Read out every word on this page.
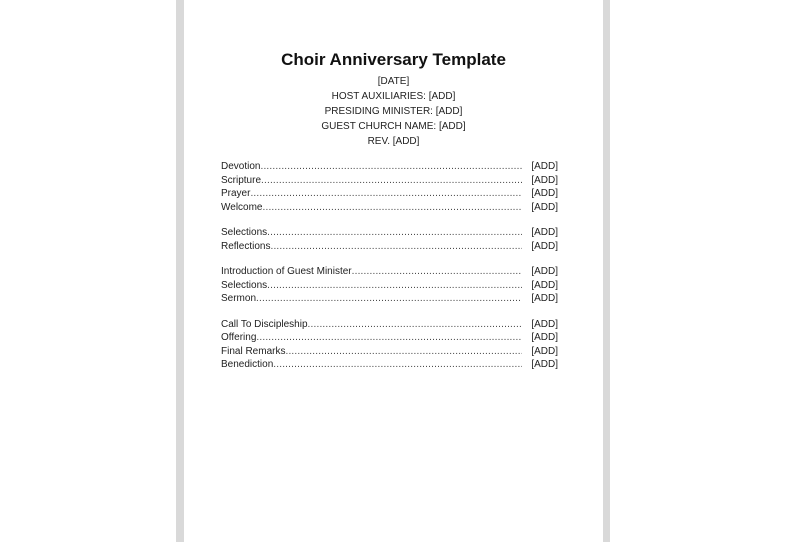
Choir Anniversary Template
[DATE]
HOST AUXILIARIES: [ADD]
PRESIDING MINISTER: [ADD]
GUEST CHURCH NAME: [ADD]
REV. [ADD]
Devotion .....	[ADD]
Scripture .....	[ADD]
Prayer .....	[ADD]
Welcome .....	[ADD]
Selections .....	[ADD]
Reflections .....	[ADD]
Introduction of Guest Minister .....	[ADD]
Selections .....	[ADD]
Sermon .....	[ADD]
Call To Discipleship .....	[ADD]
Offering .....	[ADD]
Final Remarks .....	[ADD]
Benediction .....	[ADD]
